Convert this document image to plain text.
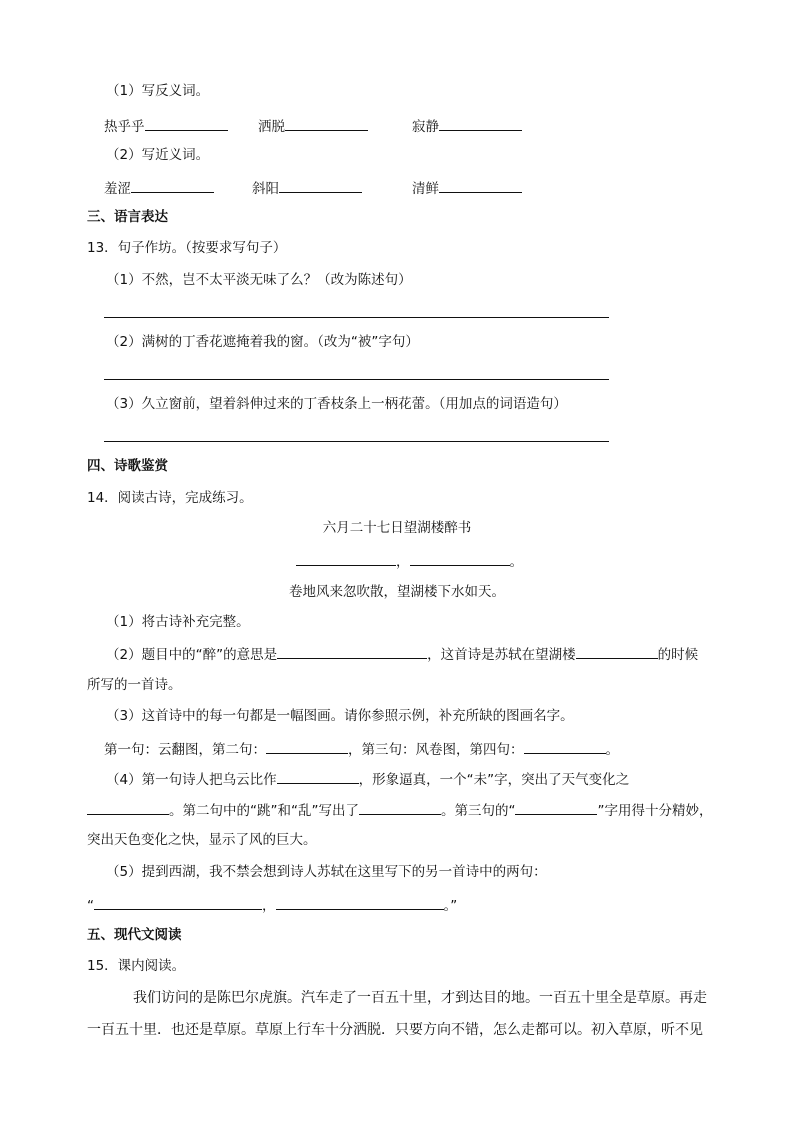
（1）写反义词。
热乎乎	洒脱	寂静
（2）写近义词。
羞涩	斜阳	清鲜
三、语言表达
13．句子作坊。（按要求写句子）
（1）不然，岂不太平淡无味了么？（改为陈述句）
（2）满树的丁香花遮掩着我的窗。（改为“被”字句）
（3）久立窗前，望着斜伸过来的丁香枝条上一柄花蕾。（用加点的词语造句）
四、诗歌鉴赏
14．阅读古诗，完成练习。
六月二十七日望湖楼醉书
，	。
卷地风来忽吹散，望湖楼下水如天。
（1）将古诗补充完整。
（2）题目中的“醉”的意思是	，这首诗是苏轼在望湖楼	的时候
所写的一首诗。
（3）这首诗中的每一句都是一幅图画。请你参照示例，补充所缺的图画名字。
第一句：云翻图，第二句：	，第三句：风卷图，第四句：	。
（4）第一句诗人把乌云比作	，形象逼真，一个“未”字，突出了天气变化之
。第二句中的“跳”和“乱”写出了	。第三句的“	”字用得十分精妙，
突出天色变化之快，显示了风的巨大。
（5）提到西湖，我不禁会想到诗人苏轼在这里写下的另一首诗中的两句：
“	，	。”
五、现代文阅读
15．课内阅读。
我们访问的是陈巴尔虎旗。汽车走了一百五十里，才到达目的地。一百五十里全是草原。再走
一百五十里．也还是草原。草原上行车十分洒脱．只要方向不错，怎么走都可以。初入草原，听不见
